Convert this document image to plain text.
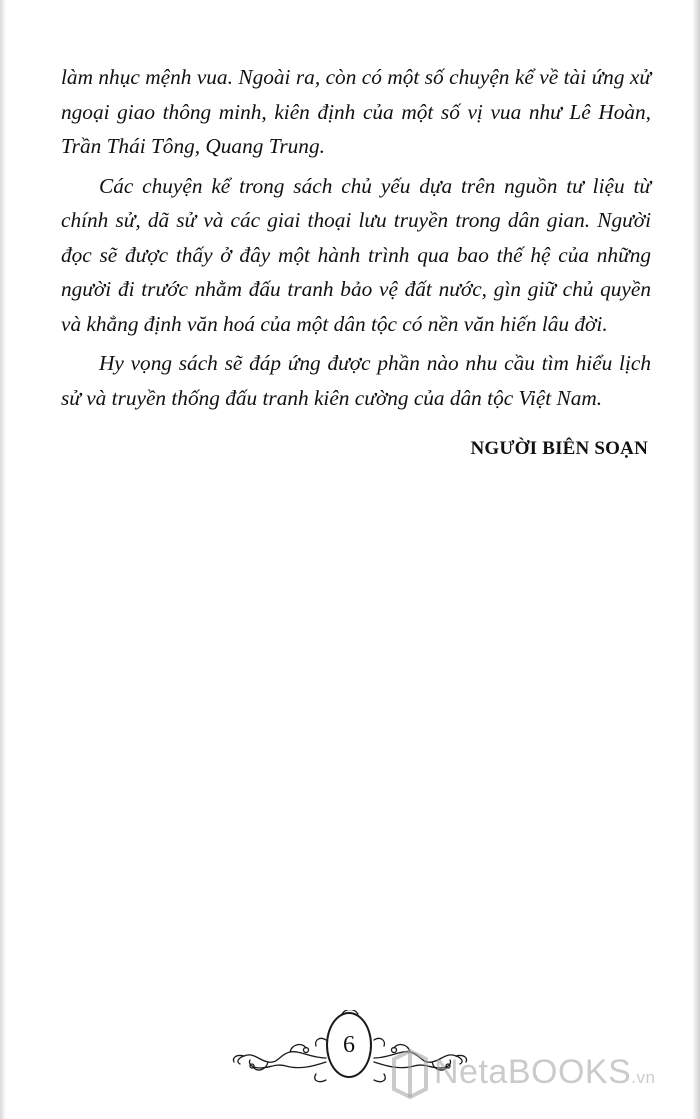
làm nhục mệnh vua. Ngoài ra, còn có một số chuyện kể về tài ứng xử
ngoại giao thông minh, kiên định của một số vị vua như Lê Hoàn,
Trần Thái Tông, Quang Trung.
Các chuyện kể trong sách chủ yếu dựa trên nguồn tư liệu từ
chính sử, dã sử và các giai thoại lưu truyền trong dân gian. Người
đọc sẽ được thấy ở đây một hành trình qua bao thế hệ của những
người đi trước nhằm đấu tranh bảo vệ đất nước, gìn giữ chủ quyền
và khẳng định văn hoá của một dân tộc có nền văn hiến lâu đời.
Hy vọng sách sẽ đáp ứng được phần nào nhu cầu tìm hiểu lịch
sử và truyền thống đấu tranh kiên cường của dân tộc Việt Nam.
NGƯỜI BIÊN SOẠN
6
NetaBOOKS.vn
